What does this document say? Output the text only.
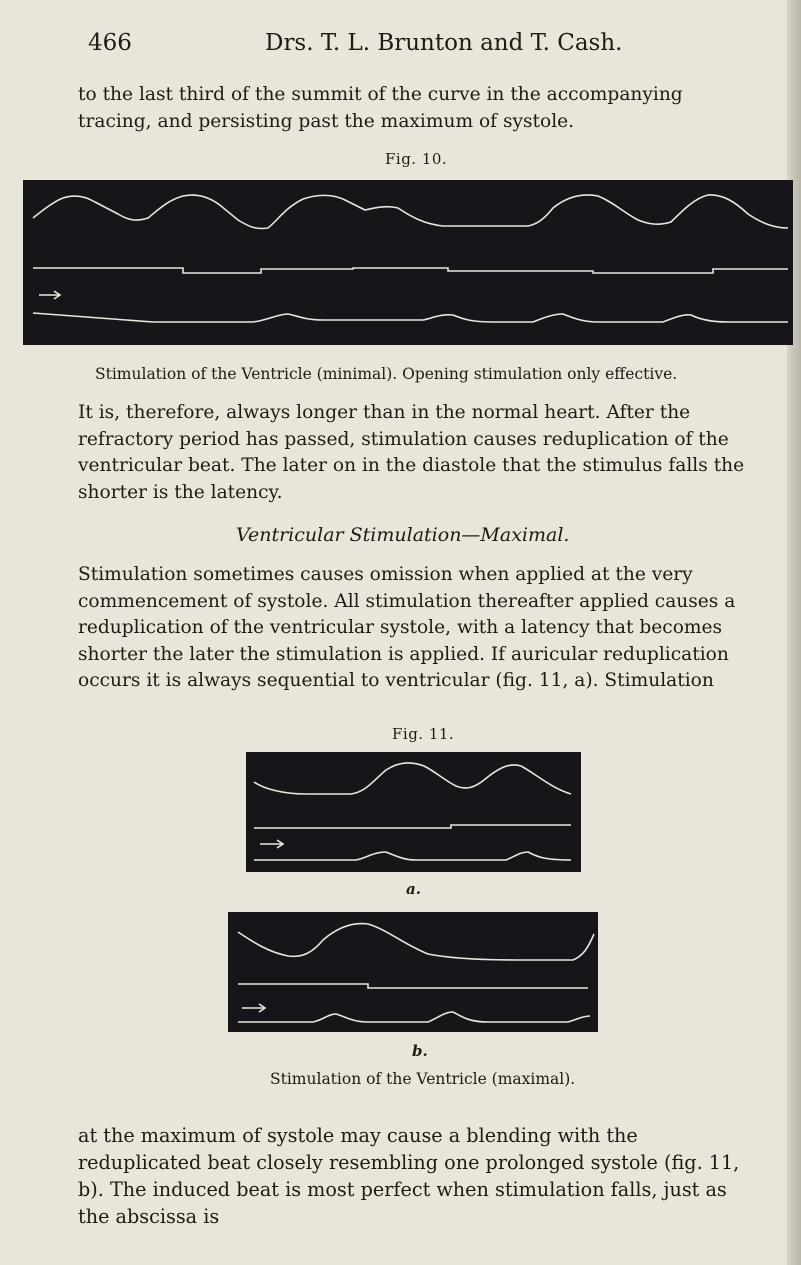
466	Drs. T. L. Brunton and T. Cash.

to the last third of the summit of the curve in the accompanying tracing, and persisting past the maximum of systole.

Fig. 10.
Stimulation of the Ventricle (minimal). Opening stimulation only effective.

It is, therefore, always longer than in the normal heart. After the refractory period has passed, stimulation causes reduplication of the ventricular beat. The later on in the diastole that the stimulus falls the shorter is the latency.

Ventricular Stimulation—Maximal.

Stimulation sometimes causes omission when applied at the very commencement of systole. All stimulation thereafter applied causes a reduplication of the ventricular systole, with a latency that becomes shorter the later the stimulation is applied. If auricular reduplication occurs it is always sequential to ventricular (fig. 11, a). Stimulation

Fig. 11.
a.
b.
Stimulation of the Ventricle (maximal).

at the maximum of systole may cause a blending with the reduplicated beat closely resembling one prolonged systole (fig. 11, b). The induced beat is most perfect when stimulation falls, just as the abscissa is
